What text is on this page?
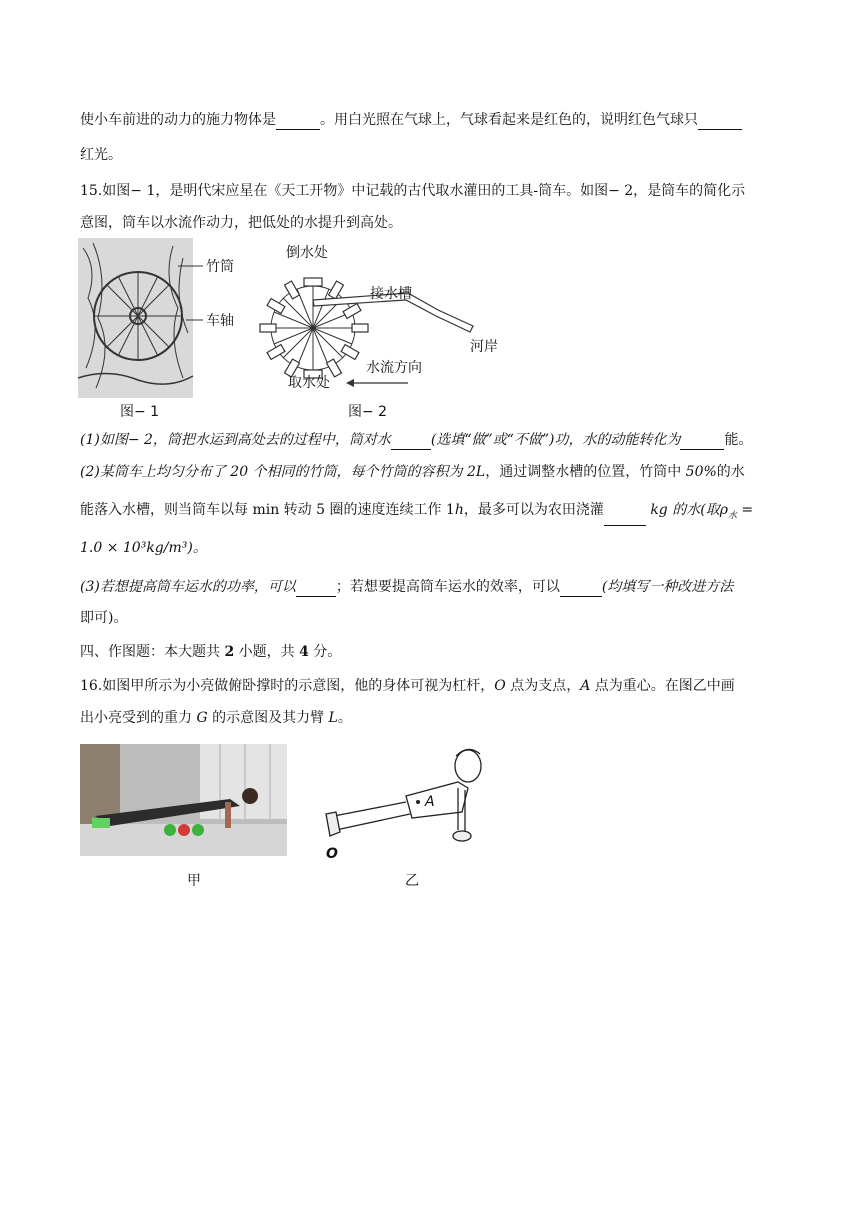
使小车前进的动力的施力物体是	。用白光照在气球上，气球看起来是红色的，说明红色气球只
红光。
15.如图− 1，是明代宋应星在《天工开物》中记载的古代取水灌田的工具-筒车。如图− 2，是筒车的简化示
意图，筒车以水流作动力，把低处的水提升到高处。
竹筒
车轴
图− 1
倒水处
接水槽
河岸
水流方向
取水处
图− 2
(1)如图− 2，筒把水运到高处去的过程中，筒对水	(选填“做”或“不做”)功，水的动能转化为	能。
(2)某筒车上均匀分布了 20 个相同的竹筒，每个竹筒的容积为 2L，通过调整水槽的位置，竹筒中 50%的水
能落入水槽，则当筒车以每 min 转动 5 圈的速度连续工作 1h，最多可以为农田浇灌	kg 的水(取$\rho_水$ =
1.0 × 10³kg/m³)。
(3)若想提高筒车运水的功率，可以	；若想要提高筒车运水的效率，可以	(均填写一种改进方法
即可)。
四、作图题：本大题共 2 小题，共 4 分。
16.如图甲所示为小亮做俯卧撑时的示意图，他的身体可视为杠杆，O 点为支点，A 点为重心。在图乙中画
出小亮受到的重力 G 的示意图及其力臂 L。
甲
A
O
乙
